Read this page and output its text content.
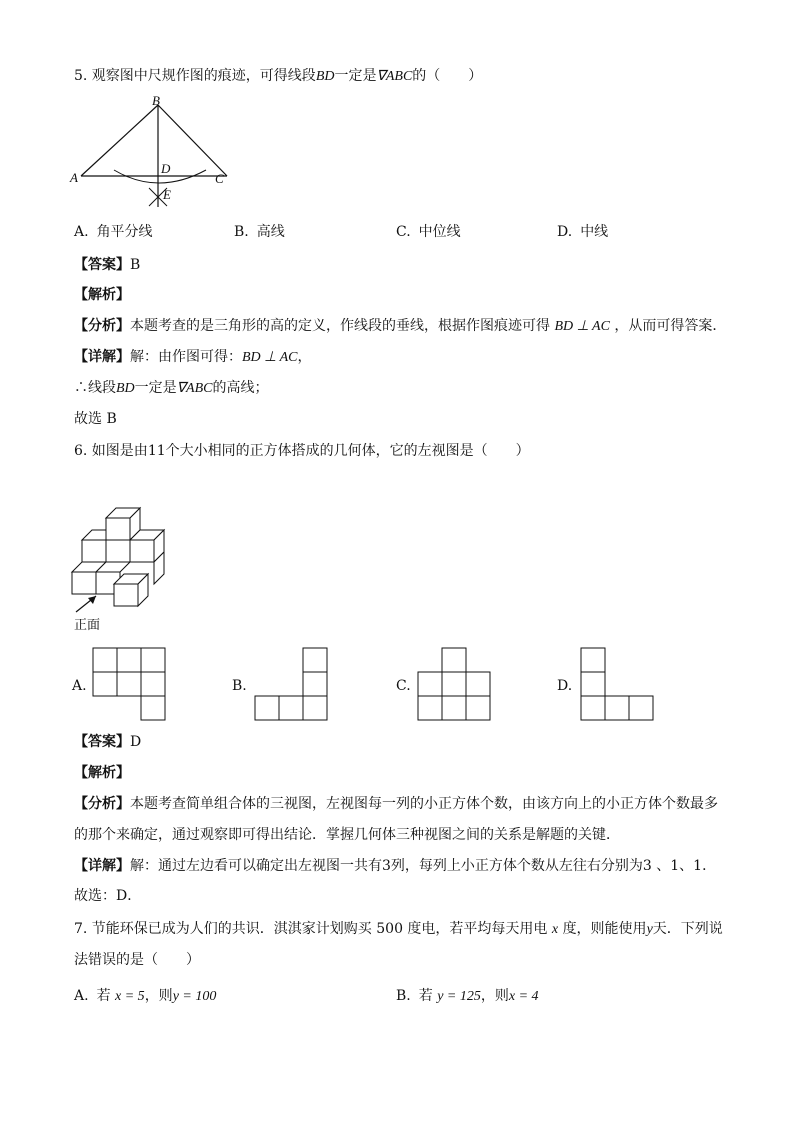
5. 观察图中尺规作图的痕迹，可得线段BD一定是∇ABC的（　　）
B
A	C
D
E
A. 角平分线	B. 高线	C. 中位线	D. 中线
【答案】B
【解析】
【分析】本题考查的是三角形的高的定义，作线段的垂线，根据作图痕迹可得 BD ⊥ AC ，从而可得答案．
【详解】解：由作图可得：BD ⊥ AC，
∴线段BD一定是∇ABC的高线；
故选 B
6. 如图是由11个大小相同的正方体搭成的几何体，它的左视图是（　　）
正面
A.	B.	C.	D.
【答案】D
【解析】
【分析】本题考查简单组合体的三视图，左视图每一列的小正方体个数，由该方向上的小正方体个数最多
的那个来确定，通过观察即可得出结论．掌握几何体三种视图之间的关系是解题的关键．
【详解】解：通过左边看可以确定出左视图一共有3列，每列上小正方体个数从左往右分别为3 、1、1．
故选：D．
7. 节能环保已成为人们的共识．淇淇家计划购买 500 度电，若平均每天用电 x 度，则能使用y天．下列说
法错误的是（　　）
A. 若 x = 5，则y = 100	B. 若 y = 125，则x = 4
